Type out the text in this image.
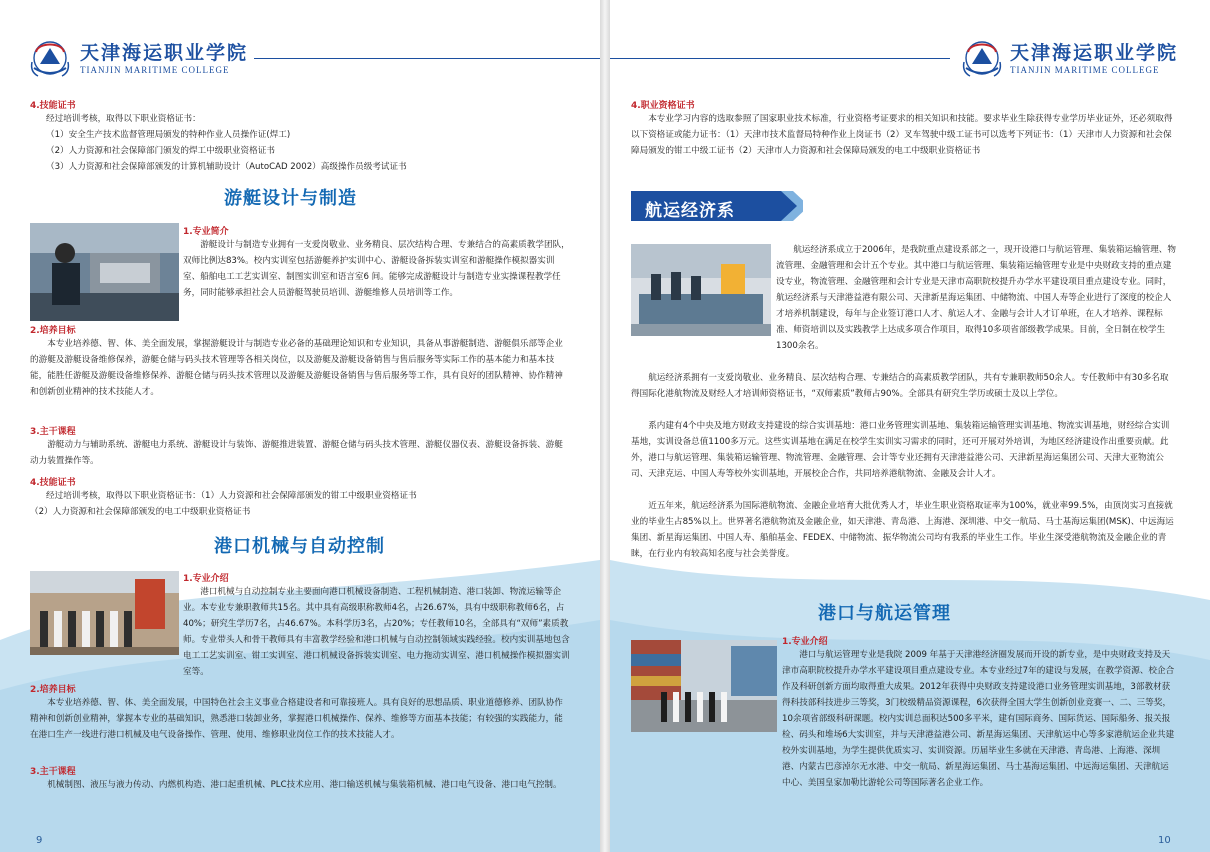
天津海运职业学院
TIANJIN MARITIME COLLEGE
4.技能证书
经过培训考核，取得以下职业资格证书：
（1）安全生产技术监督管理局颁发的特种作业人员操作证(焊工)
（2）人力资源和社会保障部门颁发的焊工中级职业资格证书
（3）人力资源和社会保障部颁发的计算机辅助设计（AutoCAD 2002）高级操作员级考试证书
游艇设计与制造
1.专业简介
游艇设计与制造专业拥有一支爱岗敬业、业务精良、层次结构合理、专兼结合的高素质教学团队，双师比例达83%。校内实训室包括游艇养护实训中心、游艇设备拆装实训室和游艇操作模拟器实训室、船舶电工工艺实训室、制图实训室和语言室6 间。能够完成游艇设计与制造专业实操课程教学任务，同时能够承担社会人员游艇驾驶员培训、游艇维修人员培训等工作。
2.培养目标
本专业培养德、智、体、美全面发展，掌握游艇设计与制造专业必备的基础理论知识和专业知识，具备从事游艇制造、游艇俱乐部等企业的游艇及游艇设备维修保养，游艇仓储与码头技术管理等各相关岗位，以及游艇及游艇设备销售与售后服务等实际工作的基本能力和基本技能，能胜任游艇及游艇设备维修保养、游艇仓储与码头技术管理以及游艇及游艇设备销售与售后服务等工作，具有良好的团队精神、协作精神和创新创业精神的技术技能人才。
3.主干课程
游艇动力与辅助系统、游艇电力系统、游艇设计与装饰、游艇推进装置、游艇仓储与码头技术管理、游艇仪器仪表、游艇设备拆装、游艇动力装置操作等。
4.技能证书
经过培训考核，取得以下职业资格证书：（1）人力资源和社会保障部颁发的钳工中级职业资格证书
（2）人力资源和社会保障部颁发的电工中级职业资格证书
港口机械与自动控制
1.专业介绍
港口机械与自动控制专业主要面向港口机械设备制造、工程机械制造、港口装卸、物流运输等企业。本专业专兼职教师共15名。其中具有高级职称教师4名，占26.67%，具有中级职称教师6名，占40%；研究生学历7名，占46.67%。本科学历3名，占20%；专任教师10名，全部具有“双师”素质教师。专业带头人和骨干教师具有丰富教学经验和港口机械与自动控制领域实践经验。校内实训基地包含电工工艺实训室、钳工实训室、港口机械设备拆装实训室、电力拖动实训室、港口机械操作模拟器实训室等。
2.培养目标
本专业培养德、智、体、美全面发展，中国特色社会主义事业合格建设者和可靠接班人。具有良好的思想品质、职业道德修养、团队协作精神和创新创业精神，掌握本专业的基础知识，熟悉港口装卸业务，掌握港口机械操作、保养、维修等方面基本技能；有较强的实践能力，能在港口生产一线进行港口机械及电气设备操作、管理、使用、维修职业岗位工作的技术技能人才。
3.主干课程
机械制图、液压与液力传动、内燃机构造、港口起重机械、PLC技术应用、港口输送机械与集装箱机械、港口电气设备、港口电气控制。
9
天津海运职业学院
TIANJIN MARITIME COLLEGE
4.职业资格证书
本专业学习内容的选取参照了国家职业技术标准，行业资格考证要求的相关知识和技能。要求毕业生除获得专业学历毕业证外，还必须取得以下资格证或能力证书：（1）天津市技术监督局特种作业上岗证书（2）叉车驾驶中级工证书可以选考下列证书：（1）天津市人力资源和社会保障局颁发的钳工中级工证书（2）天津市人力资源和社会保障局颁发的电工中级职业资格证书
航运经济系
航运经济系成立于2006年，是我院重点建设系部之一，现开设港口与航运管理、集装箱运输管理、物流管理、金融管理和会计五个专业。其中港口与航运管理、集装箱运输管理专业是中央财政支持的重点建设专业，物流管理、金融管理和会计专业是天津市高职院校提升办学水平建设项目重点建设专业。同时，航运经济系与天津港益港有限公司、天津新星海运集团、中储物流、中国人寿等企业进行了深度的校企人才培养机制建设，每年与企业签订港口人才、航运人才、金融与会计人才订单班，在人才培养、课程标准、师资培训以及实践教学上达成多项合作项目，取得10多项省部级教学成果。目前，全日制在校学生1300余名。
航运经济系拥有一支爱岗敬业、业务精良、层次结构合理、专兼结合的高素质教学团队，共有专兼职教师50余人。专任教师中有30多名取得国际化港航物流及财经人才培训师资格证书，“双师素质”教师占90%。全部具有研究生学历或硕士及以上学位。
系内建有4个中央及地方财政支持建设的综合实训基地：港口业务管理实训基地、集装箱运输管理实训基地、物流实训基地，财经综合实训基地，实训设备总值1100多万元。这些实训基地在满足在校学生实训实习需求的同时，还可开展对外培训，为地区经济建设作出重要贡献。此外，港口与航运管理、集装箱运输管理、物流管理、金融管理、会计等专业还拥有天津港益港公司、天津新星海运集团公司、天津大亚物流公司、天津克运、中国人寿等校外实训基地，开展校企合作，共同培养港航物流、金融及会计人才。
近五年来，航运经济系为国际港航物流、金融企业培育大批优秀人才，毕业生职业资格取证率为100%，就业率99.5%，由顶岗实习直接就业的毕业生占85%以上。世界著名港航物流及金融企业，如天津港、青岛港、上海港、深圳港、中交一航局、马士基海运集团(MSK)、中远海运集团、新星海运集团、中国人寿、船舶基金、FEDEX、中储物流、振华物流公司均有我系的毕业生工作。毕业生深受港航物流及金融企业的青睐，在行业内有较高知名度与社会美誉度。
港口与航运管理
1.专业介绍
港口与航运管理专业是我院 2009 年基于天津港经济圈发展而开设的新专业，是中央财政支持及天津市高职院校提升办学水平建设项目重点建设专业。本专业经过7年的建设与发展，在教学资源、校企合作及科研创新方面均取得重大成果。2012年获得中央财政支持建设港口业务管理实训基地，3部教材获得科技部科技进步三等奖，3门校级精品资源课程，6次获得全国大学生创新创业竞赛一、二、三等奖，10余项省部级科研课题。校内实训总面积达500多平米，建有国际商务、国际货运、国际船务、报关报检、码头和堆场6大实训室，并与天津港益港公司、新星海运集团、天津航运中心等多家港航运企业共建校外实训基地，为学生提供优质实习、实训资源。历届毕业生多就在天津港、青岛港、上海港、深圳港、内蒙古巴彦淖尔无水港、中交一航局、新星海运集团、马士基海运集团、中远海运集团、天津航运中心、美国皇家加勒比游轮公司等国际著名企业工作。
10
